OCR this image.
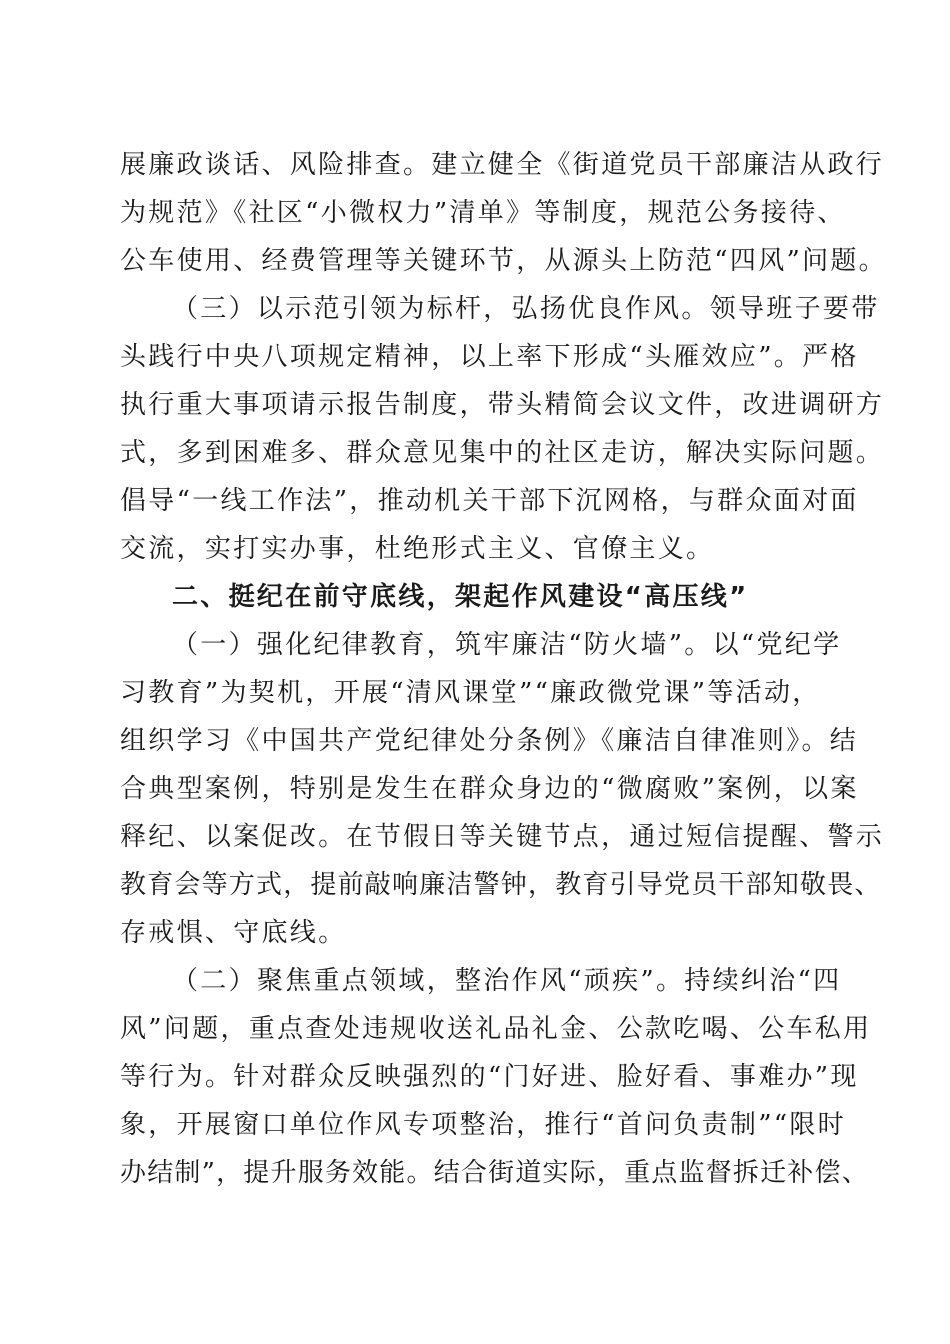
展廉政谈话、风险排查。建立健全《街道党员干部廉洁从政行
为规范》《社区“小微权力”清单》等制度，规范公务接待、
公车使用、经费管理等关键环节，从源头上防范“四风”问题。
（三）以示范引领为标杆，弘扬优良作风。领导班子要带
头践行中央八项规定精神，以上率下形成“头雁效应”。严格
执行重大事项请示报告制度，带头精简会议文件，改进调研方
式，多到困难多、群众意见集中的社区走访，解决实际问题。
倡导“一线工作法”，推动机关干部下沉网格，与群众面对面
交流，实打实办事，杜绝形式主义、官僚主义。
二、挺纪在前守底线，架起作风建设“高压线”
（一）强化纪律教育，筑牢廉洁“防火墙”。以“党纪学
习教育”为契机，开展“清风课堂”“廉政微党课”等活动，
组织学习《中国共产党纪律处分条例》《廉洁自律准则》。结
合典型案例，特别是发生在群众身边的“微腐败”案例，以案
释纪、以案促改。在节假日等关键节点，通过短信提醒、警示
教育会等方式，提前敲响廉洁警钟，教育引导党员干部知敬畏、
存戒惧、守底线。
（二）聚焦重点领域，整治作风“顽疾”。持续纠治“四
风”问题，重点查处违规收送礼品礼金、公款吃喝、公车私用
等行为。针对群众反映强烈的“门好进、脸好看、事难办”现
象，开展窗口单位作风专项整治，推行“首问负责制”“限时
办结制”，提升服务效能。结合街道实际，重点监督拆迁补偿、
